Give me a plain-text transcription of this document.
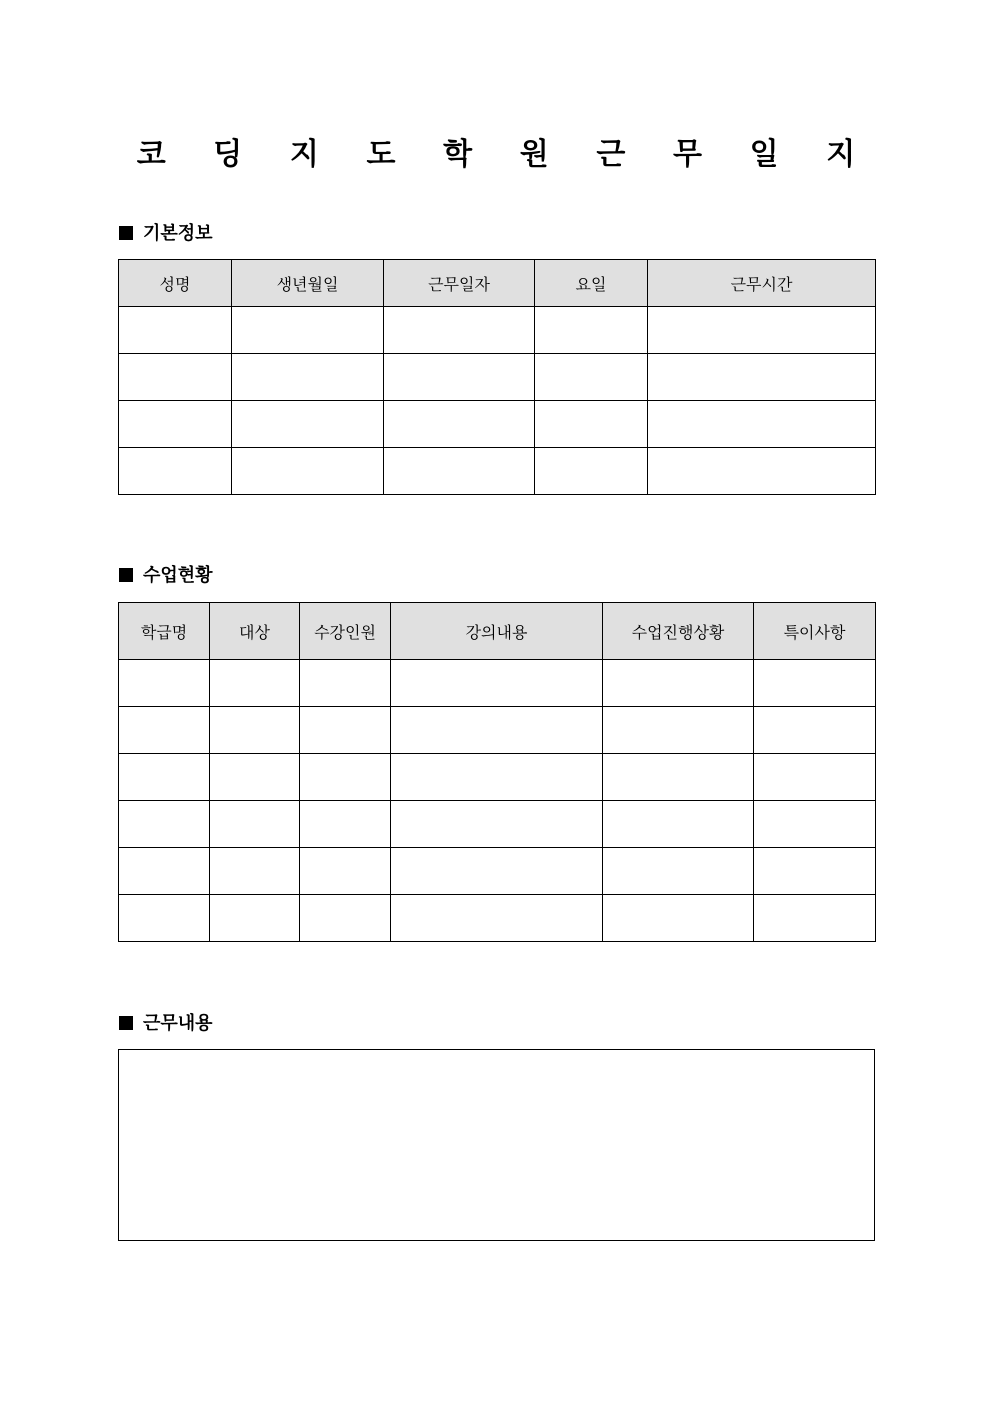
코 딩 지 도 학 원 근 무 일 지
기본정보
성명	생년월일	근무일자	요일	근무시간

수업현황
학급명	대상	수강인원	강의내용	수업진행상황	특이사항

근무내용
